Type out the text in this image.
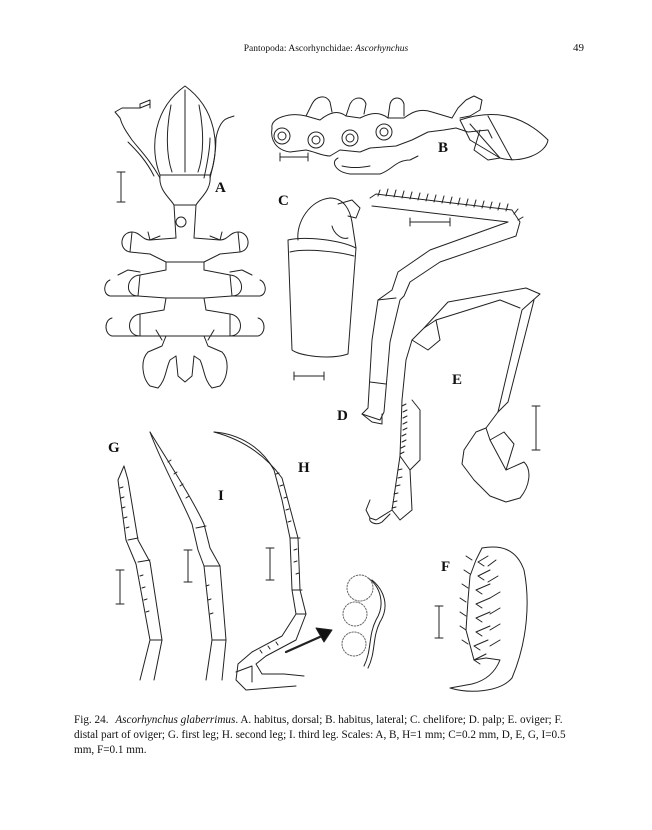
Pantopoda: Ascorhynchidae: Ascorhynchus	49
A
B
C
D
E
F
G
H
I
Fig. 24. Ascorhynchus glaberrimus. A. habitus, dorsal; B. habitus, lateral; C. chelifore; D. palp; E. oviger; F. distal part of oviger; G. first leg; H. second leg; I. third leg. Scales: A, B, H=1 mm; C=0.2 mm, D, E, G, I=0.5 mm, F=0.1 mm.
